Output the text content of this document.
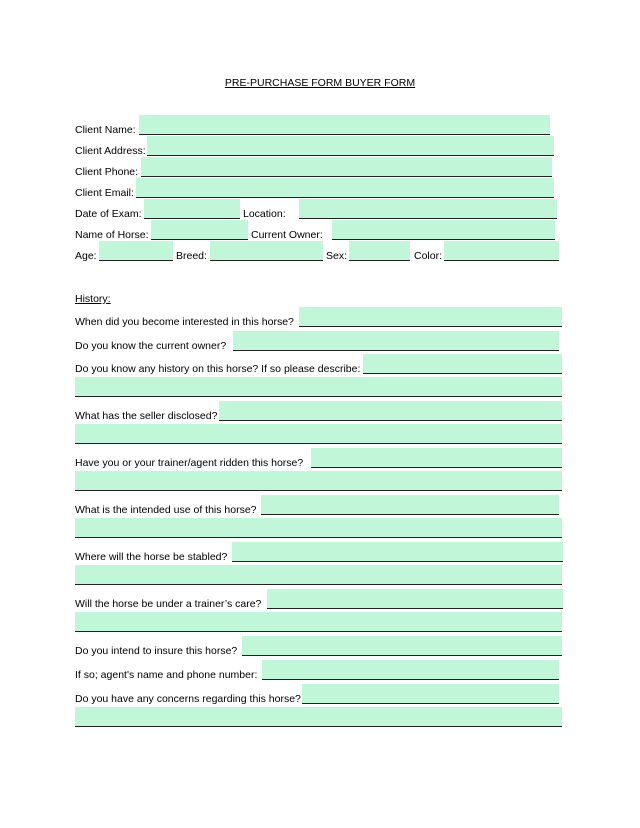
PRE-PURCHASE FORM BUYER FORM
Client Name:
Client Address:
Client Phone:
Client Email:
Date of Exam:	Location:
Name of Horse:	Current Owner:
Age:	Breed:	Sex:	Color:
History:
When did you become interested in this horse?
Do you know the current owner?
Do you know any history on this horse? If so please describe:
What has the seller disclosed?
Have you or your trainer/agent ridden this horse?
What is the intended use of this horse?
Where will the horse be stabled?
Will the horse be under a trainer’s care?
Do you intend to insure this horse?
If so; agent's name and phone number:
Do you have any concerns regarding this horse?
